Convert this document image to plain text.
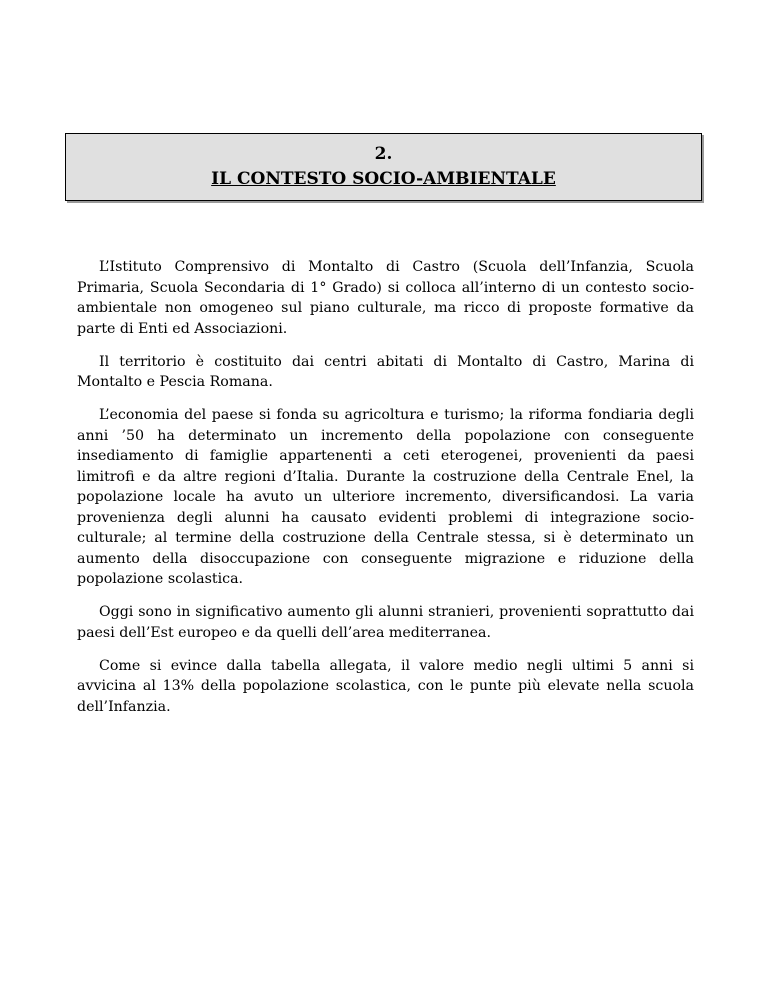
2.
IL CONTESTO SOCIO-AMBIENTALE

L’Istituto Comprensivo di Montalto di Castro (Scuola dell’Infanzia, Scuola Primaria, Scuola Secondaria di 1° Grado) si colloca all’interno di un contesto socio-ambientale non omogeneo sul piano culturale, ma ricco di proposte formative da parte di Enti ed Associazioni.

Il territorio è costituito dai centri abitati di Montalto di Castro, Marina di Montalto e Pescia Romana.

L’economia del paese si fonda su agricoltura e turismo; la riforma fondiaria degli anni ’50 ha determinato un incremento della popolazione con conseguente insediamento di famiglie appartenenti a ceti eterogenei, provenienti da paesi limitrofi e da altre regioni d’Italia. Durante la costruzione della Centrale Enel, la popolazione locale ha avuto un ulteriore incremento, diversificandosi. La varia provenienza degli alunni ha causato evidenti problemi di integrazione socio-culturale; al termine della costruzione della Centrale stessa, si è determinato un aumento della disoccupazione con conseguente migrazione e riduzione della popolazione scolastica.

Oggi sono in significativo aumento gli alunni stranieri, provenienti soprattutto dai paesi dell’Est europeo e da quelli dell’area mediterranea.

Come si evince dalla tabella allegata, il valore medio negli ultimi 5 anni si avvicina al 13% della popolazione scolastica, con le punte più elevate nella scuola dell’Infanzia.
